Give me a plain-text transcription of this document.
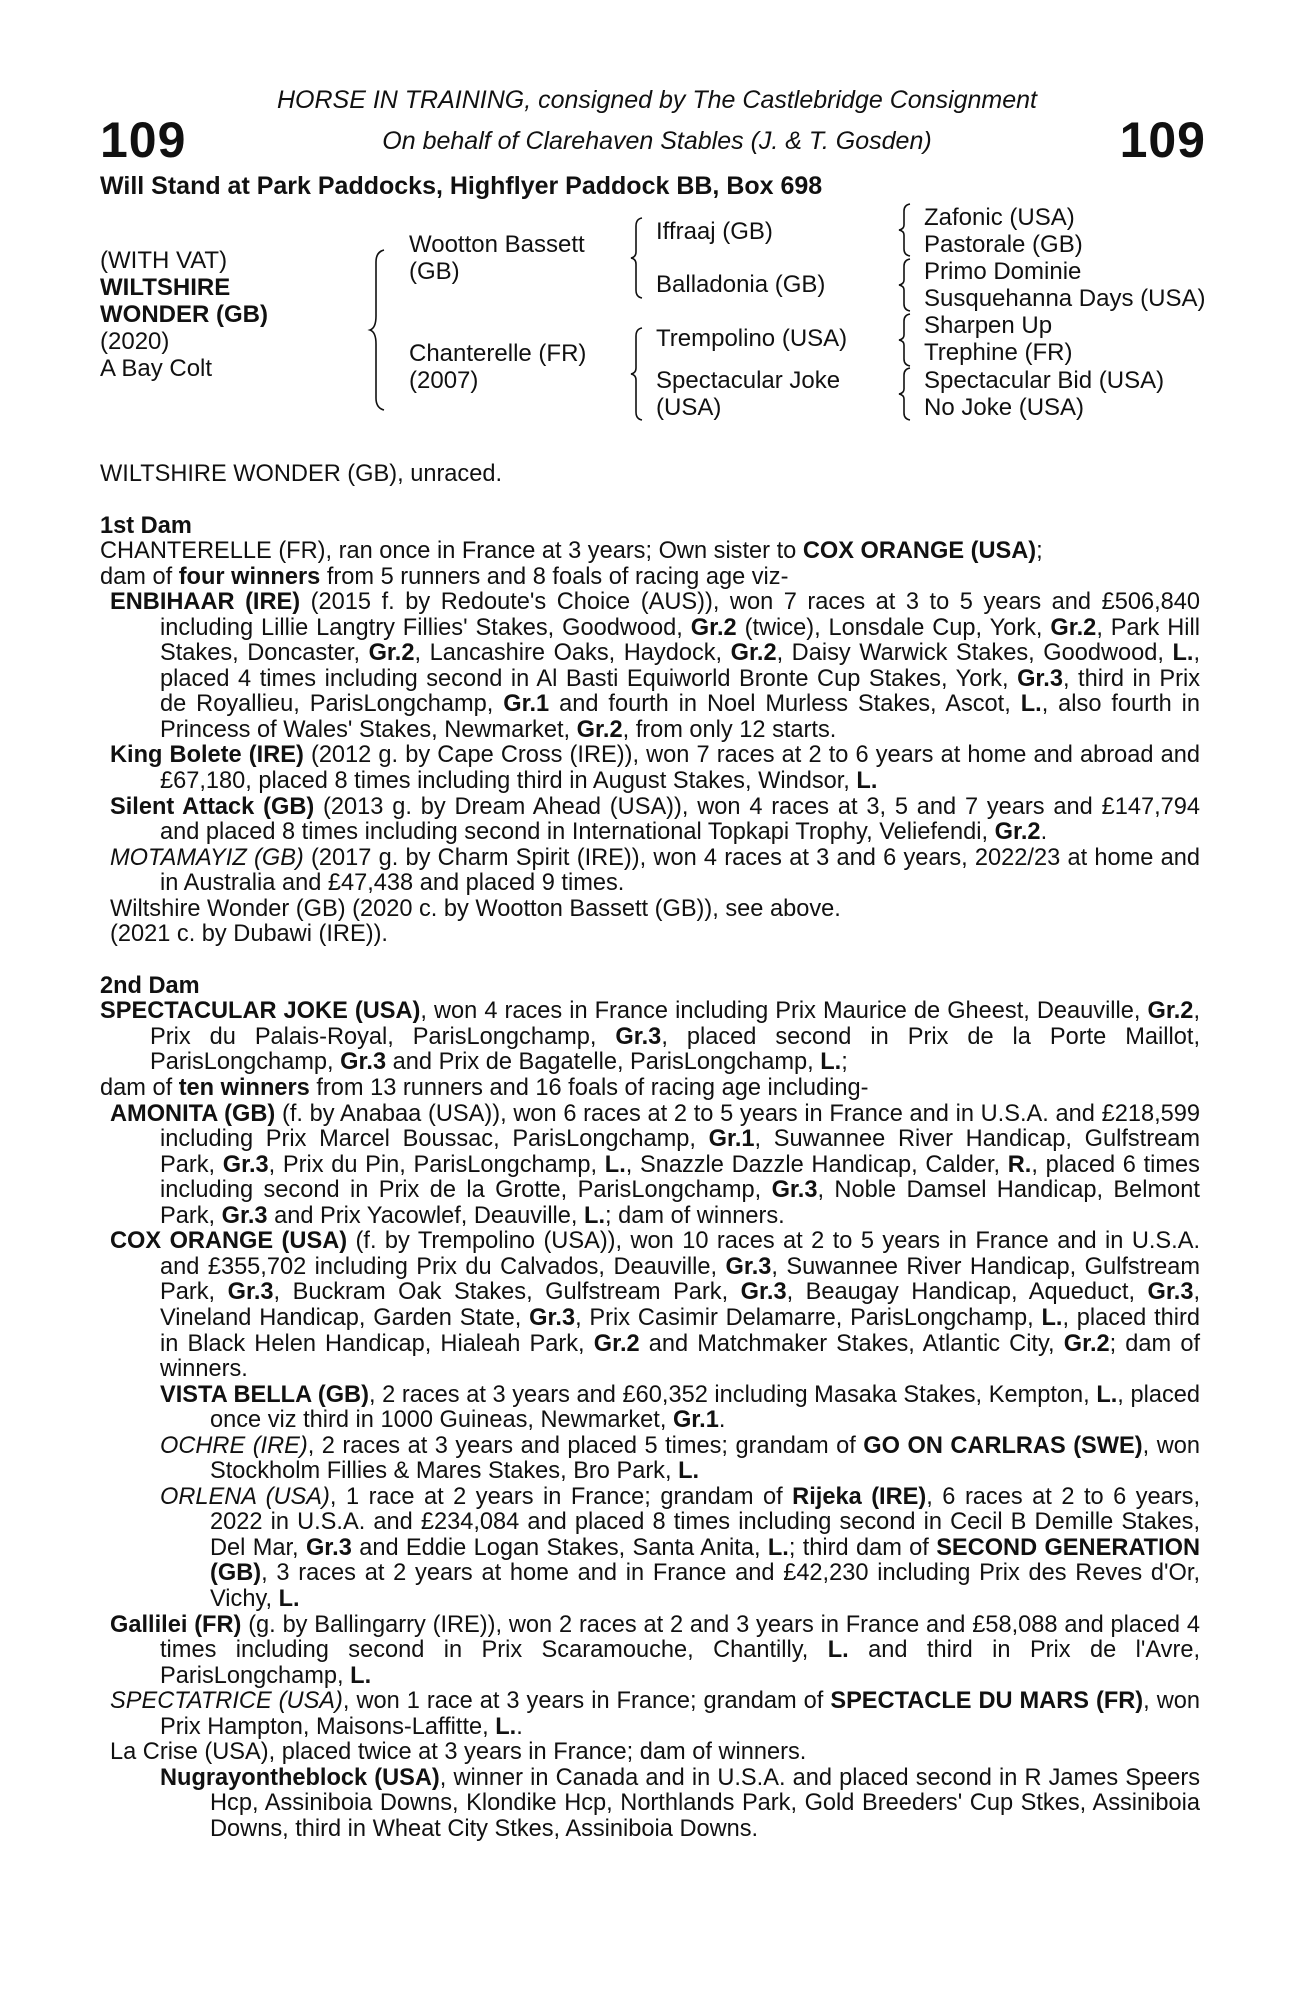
109	109
HORSE IN TRAINING, consigned by The Castlebridge Consignment
On behalf of Clarehaven Stables (J. & T. Gosden)
Will Stand at Park Paddocks, Highflyer Paddock BB, Box 698
(WITH VAT)
WILTSHIRE
WONDER (GB)
(2020)
A Bay Colt
Wootton Bassett
(GB)
Chanterelle (FR)
(2007)
Iffraaj (GB)
Balladonia (GB)
Trempolino (USA)
Spectacular Joke
(USA)
Zafonic (USA)
Pastorale (GB)
Primo Dominie
Susquehanna Days (USA)
Sharpen Up
Trephine (FR)
Spectacular Bid (USA)
No Joke (USA)

WILTSHIRE WONDER (GB), unraced.

1st Dam

CHANTERELLE (FR), ran once in France at 3 years; Own sister to COX ORANGE (USA);

dam of four winners from 5 runners and 8 foals of racing age viz-

ENBIHAAR (IRE) (2015 f. by Redoute's Choice (AUS)), won 7 races at 3 to 5 years and £506,840 including Lillie Langtry Fillies' Stakes, Goodwood, Gr.2 (twice), Lonsdale Cup, York, Gr.2, Park Hill Stakes, Doncaster, Gr.2, Lancashire Oaks, Haydock, Gr.2, Daisy Warwick Stakes, Goodwood, L., placed 4 times including second in Al Basti Equiworld Bronte Cup Stakes, York, Gr.3, third in Prix de Royallieu, ParisLongchamp, Gr.1 and fourth in Noel Murless Stakes, Ascot, L., also fourth in Princess of Wales' Stakes, Newmarket, Gr.2, from only 12 starts.

King Bolete (IRE) (2012 g. by Cape Cross (IRE)), won 7 races at 2 to 6 years at home and abroad and £67,180, placed 8 times including third in August Stakes, Windsor, L.

Silent Attack (GB) (2013 g. by Dream Ahead (USA)), won 4 races at 3, 5 and 7 years and £147,794 and placed 8 times including second in International Topkapi Trophy, Veliefendi, Gr.2.

MOTAMAYIZ (GB) (2017 g. by Charm Spirit (IRE)), won 4 races at 3 and 6 years, 2022/23 at home and in Australia and £47,438 and placed 9 times.

Wiltshire Wonder (GB) (2020 c. by Wootton Bassett (GB)), see above.

(2021 c. by Dubawi (IRE)).

2nd Dam

SPECTACULAR JOKE (USA), won 4 races in France including Prix Maurice de Gheest, Deauville, Gr.2, Prix du Palais-Royal, ParisLongchamp, Gr.3, placed second in Prix de la Porte Maillot, ParisLongchamp, Gr.3 and Prix de Bagatelle, ParisLongchamp, L.;

dam of ten winners from 13 runners and 16 foals of racing age including-

AMONITA (GB) (f. by Anabaa (USA)), won 6 races at 2 to 5 years in France and in U.S.A. and £218,599 including Prix Marcel Boussac, ParisLongchamp, Gr.1, Suwannee River Handicap, Gulfstream Park, Gr.3, Prix du Pin, ParisLongchamp, L., Snazzle Dazzle Handicap, Calder, R., placed 6 times including second in Prix de la Grotte, ParisLongchamp, Gr.3, Noble Damsel Handicap, Belmont Park, Gr.3 and Prix Yacowlef, Deauville, L.; dam of winners.

COX ORANGE (USA) (f. by Trempolino (USA)), won 10 races at 2 to 5 years in France and in U.S.A. and £355,702 including Prix du Calvados, Deauville, Gr.3, Suwannee River Handicap, Gulfstream Park, Gr.3, Buckram Oak Stakes, Gulfstream Park, Gr.3, Beaugay Handicap, Aqueduct, Gr.3, Vineland Handicap, Garden State, Gr.3, Prix Casimir Delamarre, ParisLongchamp, L., placed third in Black Helen Handicap, Hialeah Park, Gr.2 and Matchmaker Stakes, Atlantic City, Gr.2; dam of winners.

VISTA BELLA (GB), 2 races at 3 years and £60,352 including Masaka Stakes, Kempton, L., placed once viz third in 1000 Guineas, Newmarket, Gr.1.

OCHRE (IRE), 2 races at 3 years and placed 5 times; grandam of GO ON CARLRAS (SWE), won Stockholm Fillies & Mares Stakes, Bro Park, L.

ORLENA (USA), 1 race at 2 years in France; grandam of Rijeka (IRE), 6 races at 2 to 6 years, 2022 in U.S.A. and £234,084 and placed 8 times including second in Cecil B Demille Stakes, Del Mar, Gr.3 and Eddie Logan Stakes, Santa Anita, L.; third dam of SECOND GENERATION (GB), 3 races at 2 years at home and in France and £42,230 including Prix des Reves d'Or, Vichy, L.

Gallilei (FR) (g. by Ballingarry (IRE)), won 2 races at 2 and 3 years in France and £58,088 and placed 4 times including second in Prix Scaramouche, Chantilly, L. and third in Prix de l'Avre, ParisLongchamp, L.

SPECTATRICE (USA), won 1 race at 3 years in France; grandam of SPECTACLE DU MARS (FR), won Prix Hampton, Maisons-Laffitte, L..

La Crise (USA), placed twice at 3 years in France; dam of winners.

Nugrayontheblock (USA), winner in Canada and in U.S.A. and placed second in R James Speers Hcp, Assiniboia Downs, Klondike Hcp, Northlands Park, Gold Breeders' Cup Stkes, Assiniboia Downs, third in Wheat City Stkes, Assiniboia Downs.
